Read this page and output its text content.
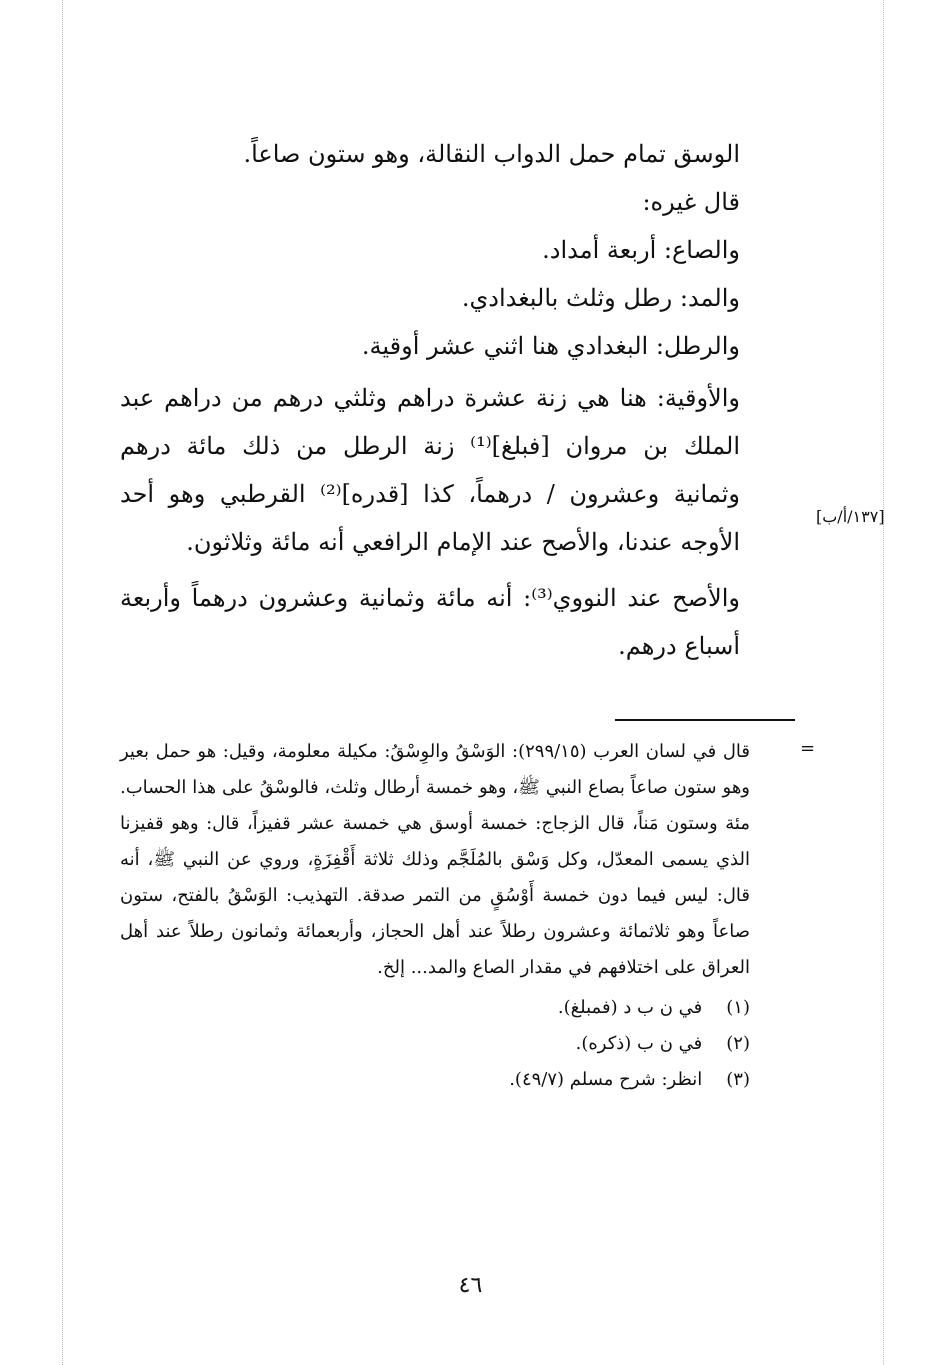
الوسق تمام حمل الدواب النقالة، وهو ستون صاعاً.

قال غيره:

والصاع: أربعة أمداد.

والمد: رطل وثلث بالبغدادي.

والرطل: البغدادي هنا اثني عشر أوقية.

والأوقية: هنا هي زنة عشرة دراهم وثلثي درهم من دراهم عبد الملك بن مروان [فبلغ]⁽¹⁾ زنة الرطل من ذلك مائة درهم وثمانية وعشرون / درهماً، كذا [قدره]⁽²⁾ القرطبي وهو أحد الأوجه عندنا، والأصح عند الإمام الرافعي أنه مائة وثلاثون.

والأصح عند النووي⁽³⁾: أنه مائة وثمانية وعشرون درهماً وأربعة أسباع درهم.

[١٣٧/أ/ب]
=

قال في لسان العرب (٢٩٩/١٥): الوَسْقُ والوِسْقُ: مكيلة معلومة، وقيل: هو حمل بعير وهو ستون صاعاً بصاع النبي ﷺ، وهو خمسة أرطال وثلث، فالوسْقُ على هذا الحساب. مئة وستون مَناً، قال الزجاج: خمسة أوسق هي خمسة عشر قفيزاً، قال: وهو قفيزنا الذي يسمى المعدّل، وكل وَسْق بالمُلَجَّم وذلك ثلاثة أَقْفِزَةٍ، وروي عن النبي ﷺ، أنه قال: ليس فيما دون خمسة أَوْسُقٍ من التمر صدقة. التهذيب: الوَسْقُ بالفتح، ستون صاعاً وهو ثلاثمائة وعشرون رطلاً عند أهل الحجاز، وأربعمائة وثمانون رطلاً عند أهل العراق على اختلافهم في مقدار الصاع والمد... إلخ.

(١) في ن ب د (فمبلغ).
(٢) في ن ب (ذكره).
(٣) انظر: شرح مسلم (٤٩/٧).
٤٦
